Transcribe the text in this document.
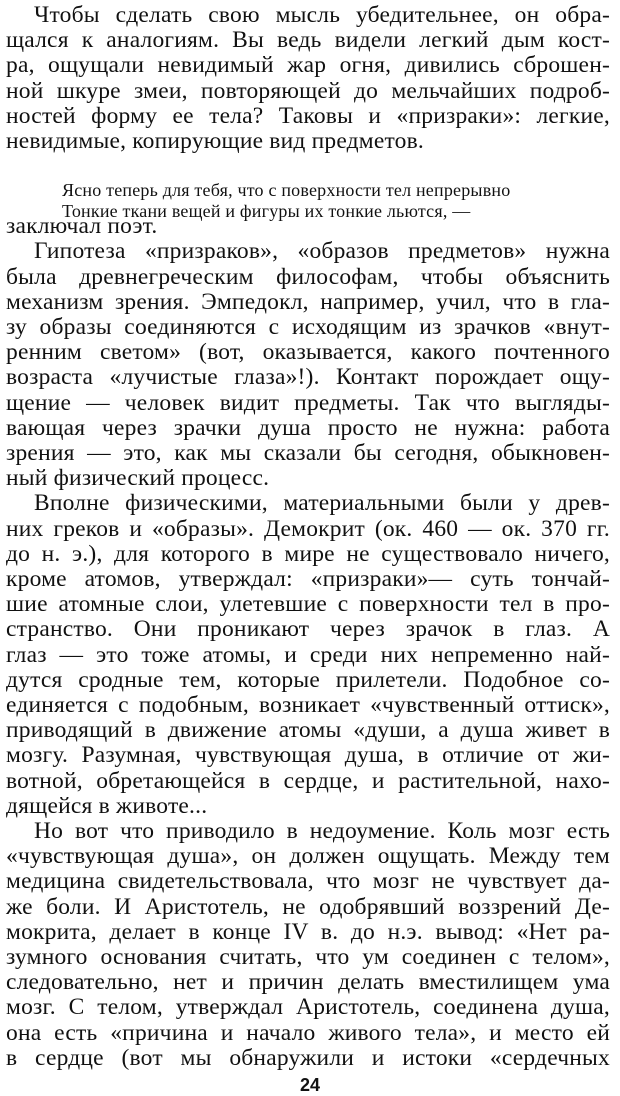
Чтобы сделать свою мысль убедительнее, он обра-

щался к аналогиям. Вы ведь видели легкий дым кост-

ра, ощущали невидимый жар огня, дивились сброшен-

ной шкуре змеи, повторяющей до мельчайших подроб-

ностей форму ее тела? Таковы и «призраки»: легкие,

невидимые, копирующие вид предметов.

Ясно теперь для тебя, что с поверхности тел непрерывно

Тонкие ткани вещей и фигуры их тонкие льются, —

заключал поэт.

Гипотеза «призраков», «образов предметов» нужна

была древнегреческим философам, чтобы объяснить

механизм зрения. Эмпедокл, например, учил, что в гла-

зу образы соединяются с исходящим из зрачков «внут-

ренним светом» (вот, оказывается, какого почтенного

возраста «лучистые глаза»!). Контакт порождает ощу-

щение — человек видит предметы. Так что выгляды-

вающая через зрачки душа просто не нужна: работа

зрения — это, как мы сказали бы сегодня, обыкновен-

ный физический процесс.

Вполне физическими, материальными были у древ-

них греков и «образы». Демокрит (ок. 460 — ок. 370 гг.

до н. э.), для которого в мире не существовало ничего,

кроме атомов, утверждал: «призраки»— суть тончай-

шие атомные слои, улетевшие с поверхности тел в про-

странство. Они проникают через зрачок в глаз. А

глаз — это тоже атомы, и среди них непременно най-

дутся сродные тем, которые прилетели. Подобное со-

единяется с подобным, возникает «чувственный оттиск»,

приводящий в движение атомы «души, а душа живет в

мозгу. Разумная, чувствующая душа, в отличие от жи-

вотной, обретающейся в сердце, и растительной, нахо-

дящейся в животе...

Но вот что приводило в недоумение. Коль мозг есть

«чувствующая душа», он должен ощущать. Между тем

медицина свидетельствовала, что мозг не чувствует да-

же боли. И Аристотель, не одобрявший воззрений Де-

мокрита, делает в конце IV в. до н.э. вывод: «Нет ра-

зумного основания считать, что ум соединен с телом»,

следовательно, нет и причин делать вместилищем ума

мозг. С телом, утверждал Аристотель, соединена душа,

она есть «причина и начало живого тела», и место ей

в сердце (вот мы обнаружили и истоки «сердечных

24
